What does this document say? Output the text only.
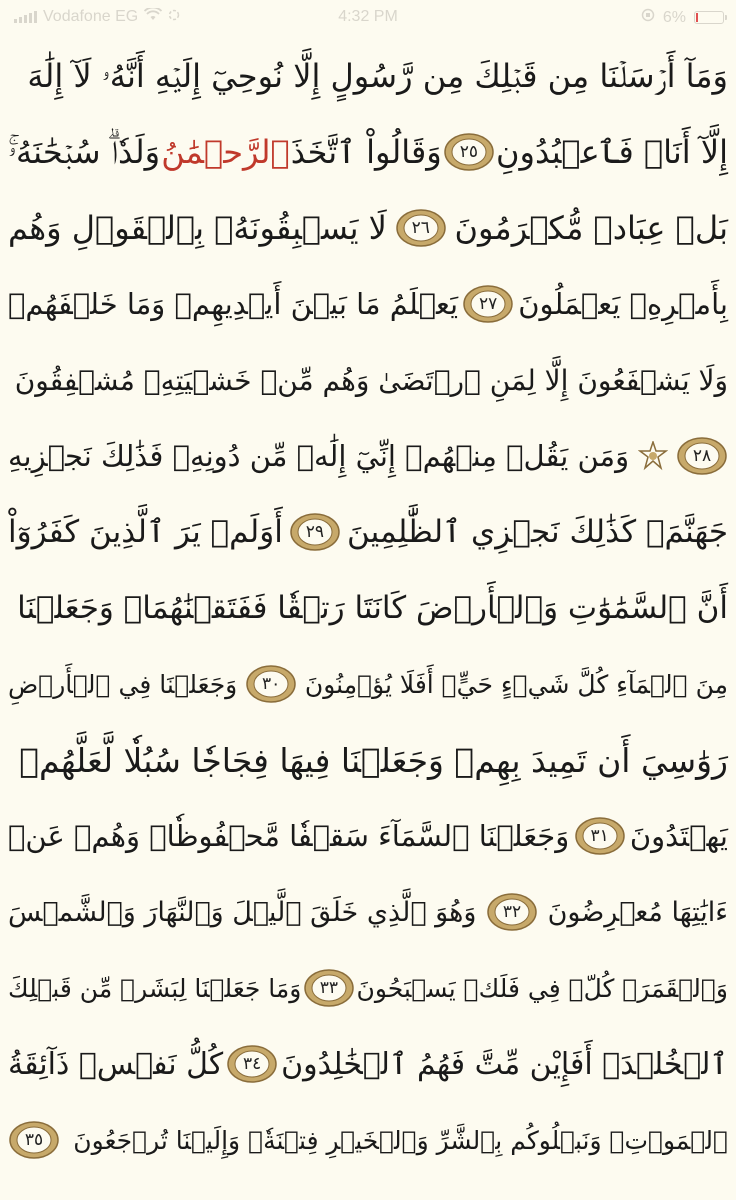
Vodafone EG	4:32 PM	6%
وَمَآ أَرۡسَلۡنَا مِن قَبۡلِكَ مِن رَّسُولٍ إِلَّا نُوحِيٓ إِلَيۡهِ أَنَّهُۥ لَآ إِلَٰهَ
إِلَّآ أَنَا۠ فَٱعۡبُدُونِ
٢٥
وَقَالُواْ ٱتَّخَذَ
ٱلرَّحۡمَٰنُ
وَلَدٗاۗ سُبۡحَٰنَهُۥۚ
بَلۡ عِبَادٞ مُّكۡرَمُونَ
٢٦
لَا يَسۡبِقُونَهُۥ بِٱلۡقَوۡلِ وَهُم
بِأَمۡرِهِۦ يَعۡمَلُونَ
٢٧
يَعۡلَمُ مَا بَيۡنَ أَيۡدِيهِمۡ وَمَا خَلۡفَهُمۡ
وَلَا يَشۡفَعُونَ إِلَّا لِمَنِ ٱرۡتَضَىٰ وَهُم مِّنۡ خَشۡيَتِهِۦ مُشۡفِقُونَ
٢٨
وَمَن يَقُلۡ مِنۡهُمۡ إِنِّيٓ إِلَٰهٞ مِّن دُونِهِۦ فَذَٰلِكَ نَجۡزِيهِ
جَهَنَّمَۚ كَذَٰلِكَ نَجۡزِي ٱلظَّٰلِمِينَ
٢٩
أَوَلَمۡ يَرَ ٱلَّذِينَ كَفَرُوٓاْ
أَنَّ ٱلسَّمَٰوَٰتِ وَٱلۡأَرۡضَ كَانَتَا رَتۡقٗا فَفَتَقۡنَٰهُمَاۖ وَجَعَلۡنَا
مِنَ ٱلۡمَآءِ كُلَّ شَيۡءٍ حَيٍّۚ أَفَلَا يُؤۡمِنُونَ
٣٠
وَجَعَلۡنَا فِي ٱلۡأَرۡضِ
رَوَٰسِيَ أَن تَمِيدَ بِهِمۡ وَجَعَلۡنَا فِيهَا فِجَاجٗا سُبُلٗا لَّعَلَّهُمۡ
يَهۡتَدُونَ
٣١
وَجَعَلۡنَا ٱلسَّمَآءَ سَقۡفٗا مَّحۡفُوظٗاۖ وَهُمۡ عَنۡ
ءَايَٰتِهَا مُعۡرِضُونَ
٣٢
وَهُوَ ٱلَّذِي خَلَقَ ٱلَّيۡلَ وَٱلنَّهَارَ وَٱلشَّمۡسَ
وَٱلۡقَمَرَۖ كُلّٞ فِي فَلَكٖ يَسۡبَحُونَ
٣٣
وَمَا جَعَلۡنَا لِبَشَرٖ مِّن قَبۡلِكَ
ٱلۡخُلۡدَۖ أَفَإِيْن مِّتَّ فَهُمُ ٱلۡخَٰلِدُونَ
٣٤
كُلُّ نَفۡسٖ ذَآئِقَةُ
ٱلۡمَوۡتِۗ وَنَبۡلُوكُم بِٱلشَّرِّ وَٱلۡخَيۡرِ فِتۡنَةٗۖ وَإِلَيۡنَا تُرۡجَعُونَ
٣٥
